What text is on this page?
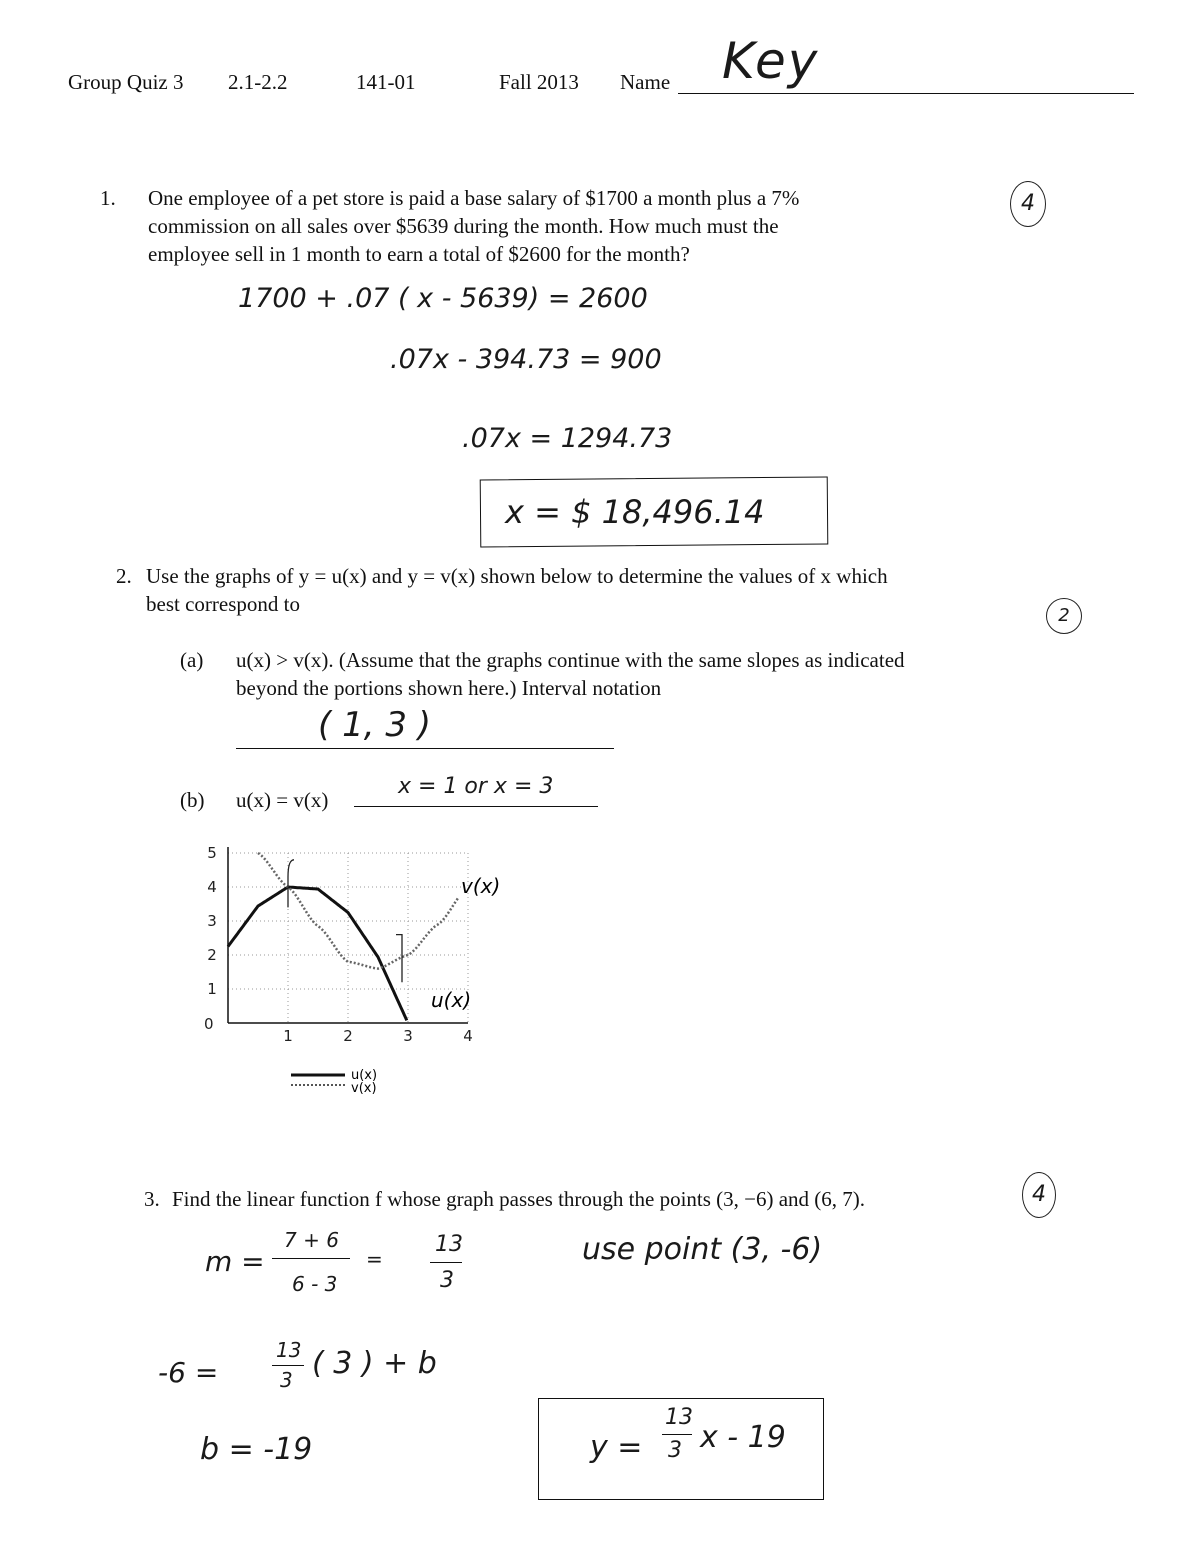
Group Quiz 3 2.1-2.2	141-01	Fall 2013 Name Key
1. One employee of a pet store is paid a base salary of $1700 a month plus a 7%
commission on all sales over $5639 during the month. How much must the
employee sell in 1 month to earn a total of $2600 for the month?
4
1700 + .07 ( x - 5639) = 2600
.07x - 394.73 = 900
.07x = 1294.73
x = $ 18,496.14
2. Use the graphs of y = u(x) and y = v(x) shown below to determine the values of x which
best correspond to	2
(a) u(x) > v(x). (Assume that the graphs continue with the same slopes as indicated
beyond the portions shown here.) Interval notation
( 1, 3 )
(b) u(x) = v(x)
x = 1 or x = 3
1	2	3	4
0
1
2
3
4
5
v(x)
u(x)
u(x)
v(x)
3. Find the linear function f whose graph passes through the points (3, −6) and (6, 7).	4
m =
7 + 6
6 - 3
=
13
3
use point (3, -6)
-6 =
13
3 ( 3 ) + b
b = -19	y =
13
3 x - 19
